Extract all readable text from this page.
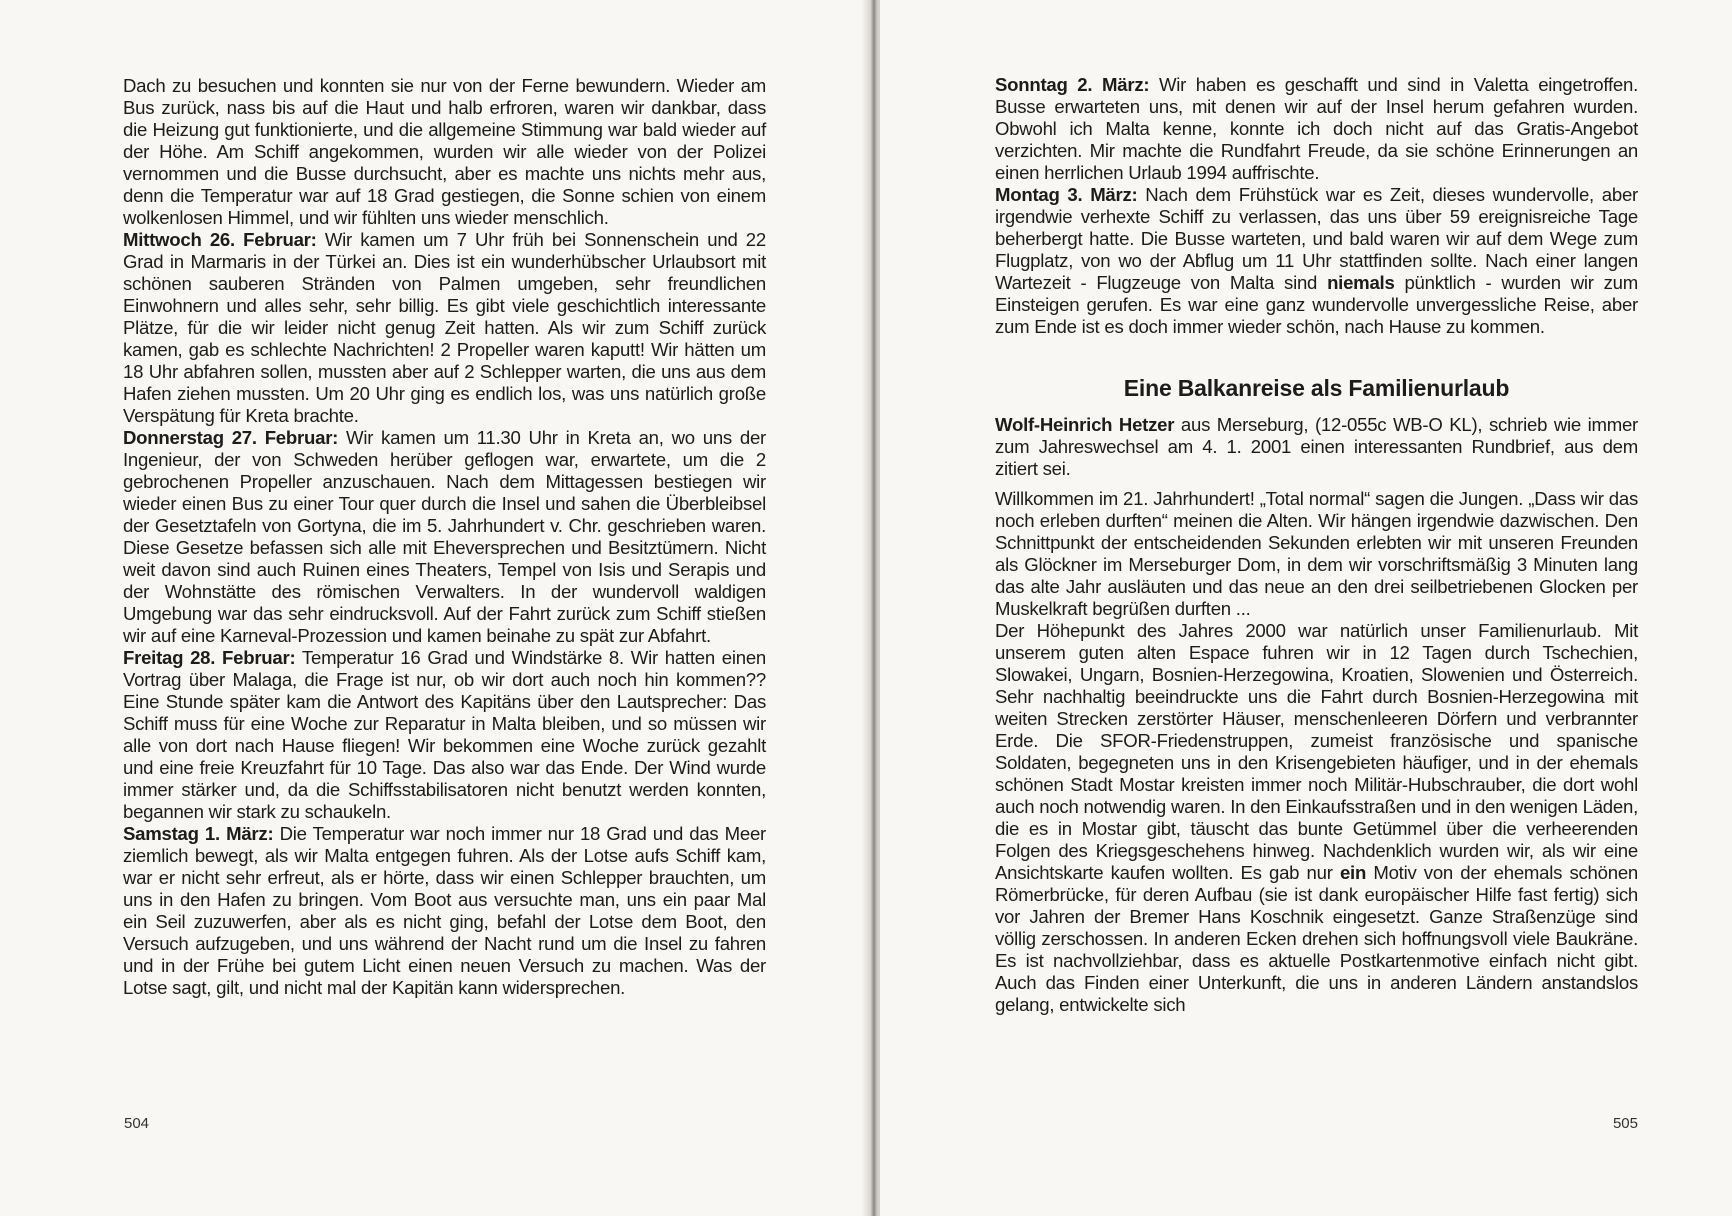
Dach zu besuchen und konnten sie nur von der Ferne bewundern. Wieder am Bus zurück, nass bis auf die Haut und halb erfroren, waren wir dankbar, dass die Heizung gut funktionierte, und die allgemeine Stimmung war bald wieder auf der Höhe. Am Schiff angekommen, wurden wir alle wieder von der Polizei vernommen und die Busse durchsucht, aber es machte uns nichts mehr aus, denn die Temperatur war auf 18 Grad gestiegen, die Sonne schien von einem wolkenlosen Himmel, und wir fühlten uns wieder menschlich.

Mittwoch 26. Februar: Wir kamen um 7 Uhr früh bei Sonnenschein und 22 Grad in Marmaris in der Türkei an. Dies ist ein wunderhübscher Urlaubsort mit schönen sauberen Stränden von Palmen umgeben, sehr freundlichen Einwohnern und alles sehr, sehr billig. Es gibt viele geschichtlich interessante Plätze, für die wir leider nicht genug Zeit hatten. Als wir zum Schiff zurück kamen, gab es schlechte Nachrichten! 2 Propeller waren kaputt! Wir hätten um 18 Uhr abfahren sollen, mussten aber auf 2 Schlepper warten, die uns aus dem Hafen ziehen mussten. Um 20 Uhr ging es endlich los, was uns natürlich große Verspätung für Kreta brachte.

Donnerstag 27. Februar: Wir kamen um 11.30 Uhr in Kreta an, wo uns der Ingenieur, der von Schweden herüber geflogen war, erwartete, um die 2 gebrochenen Propeller anzuschauen. Nach dem Mittagessen bestiegen wir wieder einen Bus zu einer Tour quer durch die Insel und sahen die Überbleibsel der Gesetztafeln von Gortyna, die im 5. Jahrhundert v. Chr. geschrieben waren. Diese Gesetze befassen sich alle mit Eheversprechen und Besitztümern. Nicht weit davon sind auch Ruinen eines Theaters, Tempel von Isis und Serapis und der Wohnstätte des römischen Verwalters. In der wundervoll waldigen Umgebung war das sehr eindrucksvoll. Auf der Fahrt zurück zum Schiff stießen wir auf eine Karneval-Prozession und kamen beinahe zu spät zur Abfahrt.

Freitag 28. Februar: Temperatur 16 Grad und Windstärke 8. Wir hatten einen Vortrag über Malaga, die Frage ist nur, ob wir dort auch noch hin kommen?? Eine Stunde später kam die Antwort des Kapitäns über den Lautsprecher: Das Schiff muss für eine Woche zur Reparatur in Malta bleiben, und so müssen wir alle von dort nach Hause fliegen! Wir bekommen eine Woche zurück gezahlt und eine freie Kreuzfahrt für 10 Tage. Das also war das Ende. Der Wind wurde immer stärker und, da die Schiffsstabilisatoren nicht benutzt werden konnten, begannen wir stark zu schaukeln.

Samstag 1. März: Die Temperatur war noch immer nur 18 Grad und das Meer ziemlich bewegt, als wir Malta entgegen fuhren. Als der Lotse aufs Schiff kam, war er nicht sehr erfreut, als er hörte, dass wir einen Schlepper brauchten, um uns in den Hafen zu bringen. Vom Boot aus versuchte man, uns ein paar Mal ein Seil zuzuwerfen, aber als es nicht ging, befahl der Lotse dem Boot, den Versuch aufzugeben, und uns während der Nacht rund um die Insel zu fahren und in der Frühe bei gutem Licht einen neuen Versuch zu machen. Was der Lotse sagt, gilt, und nicht mal der Kapitän kann widersprechen.

504

Sonntag 2. März: Wir haben es geschafft und sind in Valetta eingetroffen. Busse erwarteten uns, mit denen wir auf der Insel herum gefahren wurden. Obwohl ich Malta kenne, konnte ich doch nicht auf das Gratis-Angebot verzichten. Mir machte die Rundfahrt Freude, da sie schöne Erinnerungen an einen herrlichen Urlaub 1994 auffrischte.

Montag 3. März: Nach dem Frühstück war es Zeit, dieses wundervolle, aber irgendwie verhexte Schiff zu verlassen, das uns über 59 ereignisreiche Tage beherbergt hatte. Die Busse warteten, und bald waren wir auf dem Wege zum Flugplatz, von wo der Abflug um 11 Uhr stattfinden sollte. Nach einer langen Wartezeit - Flugzeuge von Malta sind niemals pünktlich - wurden wir zum Einsteigen gerufen. Es war eine ganz wundervolle unvergessliche Reise, aber zum Ende ist es doch immer wieder schön, nach Hause zu kommen.

Eine Balkanreise als Familienurlaub

Wolf-Heinrich Hetzer aus Merseburg, (12-055c WB-O KL), schrieb wie immer zum Jahreswechsel am 4. 1. 2001 einen interessanten Rundbrief, aus dem zitiert sei.

Willkommen im 21. Jahrhundert! „Total normal“ sagen die Jungen. „Dass wir das noch erleben durften“ meinen die Alten. Wir hängen irgendwie dazwischen. Den Schnittpunkt der entscheidenden Sekunden erlebten wir mit unseren Freunden als Glöckner im Merseburger Dom, in dem wir vorschriftsmäßig 3 Minuten lang das alte Jahr ausläuten und das neue an den drei seilbetriebenen Glocken per Muskelkraft begrüßen durften ...

Der Höhepunkt des Jahres 2000 war natürlich unser Familienurlaub. Mit unserem guten alten Espace fuhren wir in 12 Tagen durch Tschechien, Slowakei, Ungarn, Bosnien-Herzegowina, Kroatien, Slowenien und Österreich. Sehr nachhaltig beeindruckte uns die Fahrt durch Bosnien-Herzegowina mit weiten Strecken zerstörter Häuser, menschenleeren Dörfern und verbrannter Erde. Die SFOR-Friedenstruppen, zumeist französische und spanische Soldaten, begegneten uns in den Krisengebieten häufiger, und in der ehemals schönen Stadt Mostar kreisten immer noch Militär-Hubschrauber, die dort wohl auch noch notwendig waren. In den Einkaufsstraßen und in den wenigen Läden, die es in Mostar gibt, täuscht das bunte Getümmel über die verheerenden Folgen des Kriegsgeschehens hinweg. Nachdenklich wurden wir, als wir eine Ansichtskarte kaufen wollten. Es gab nur ein Motiv von der ehemals schönen Römerbrücke, für deren Aufbau (sie ist dank europäischer Hilfe fast fertig) sich vor Jahren der Bremer Hans Koschnik eingesetzt. Ganze Straßenzüge sind völlig zerschossen. In anderen Ecken drehen sich hoffnungsvoll viele Baukräne. Es ist nachvollziehbar, dass es aktuelle Postkartenmotive einfach nicht gibt. Auch das Finden einer Unterkunft, die uns in anderen Ländern anstandslos gelang, entwickelte sich

505
